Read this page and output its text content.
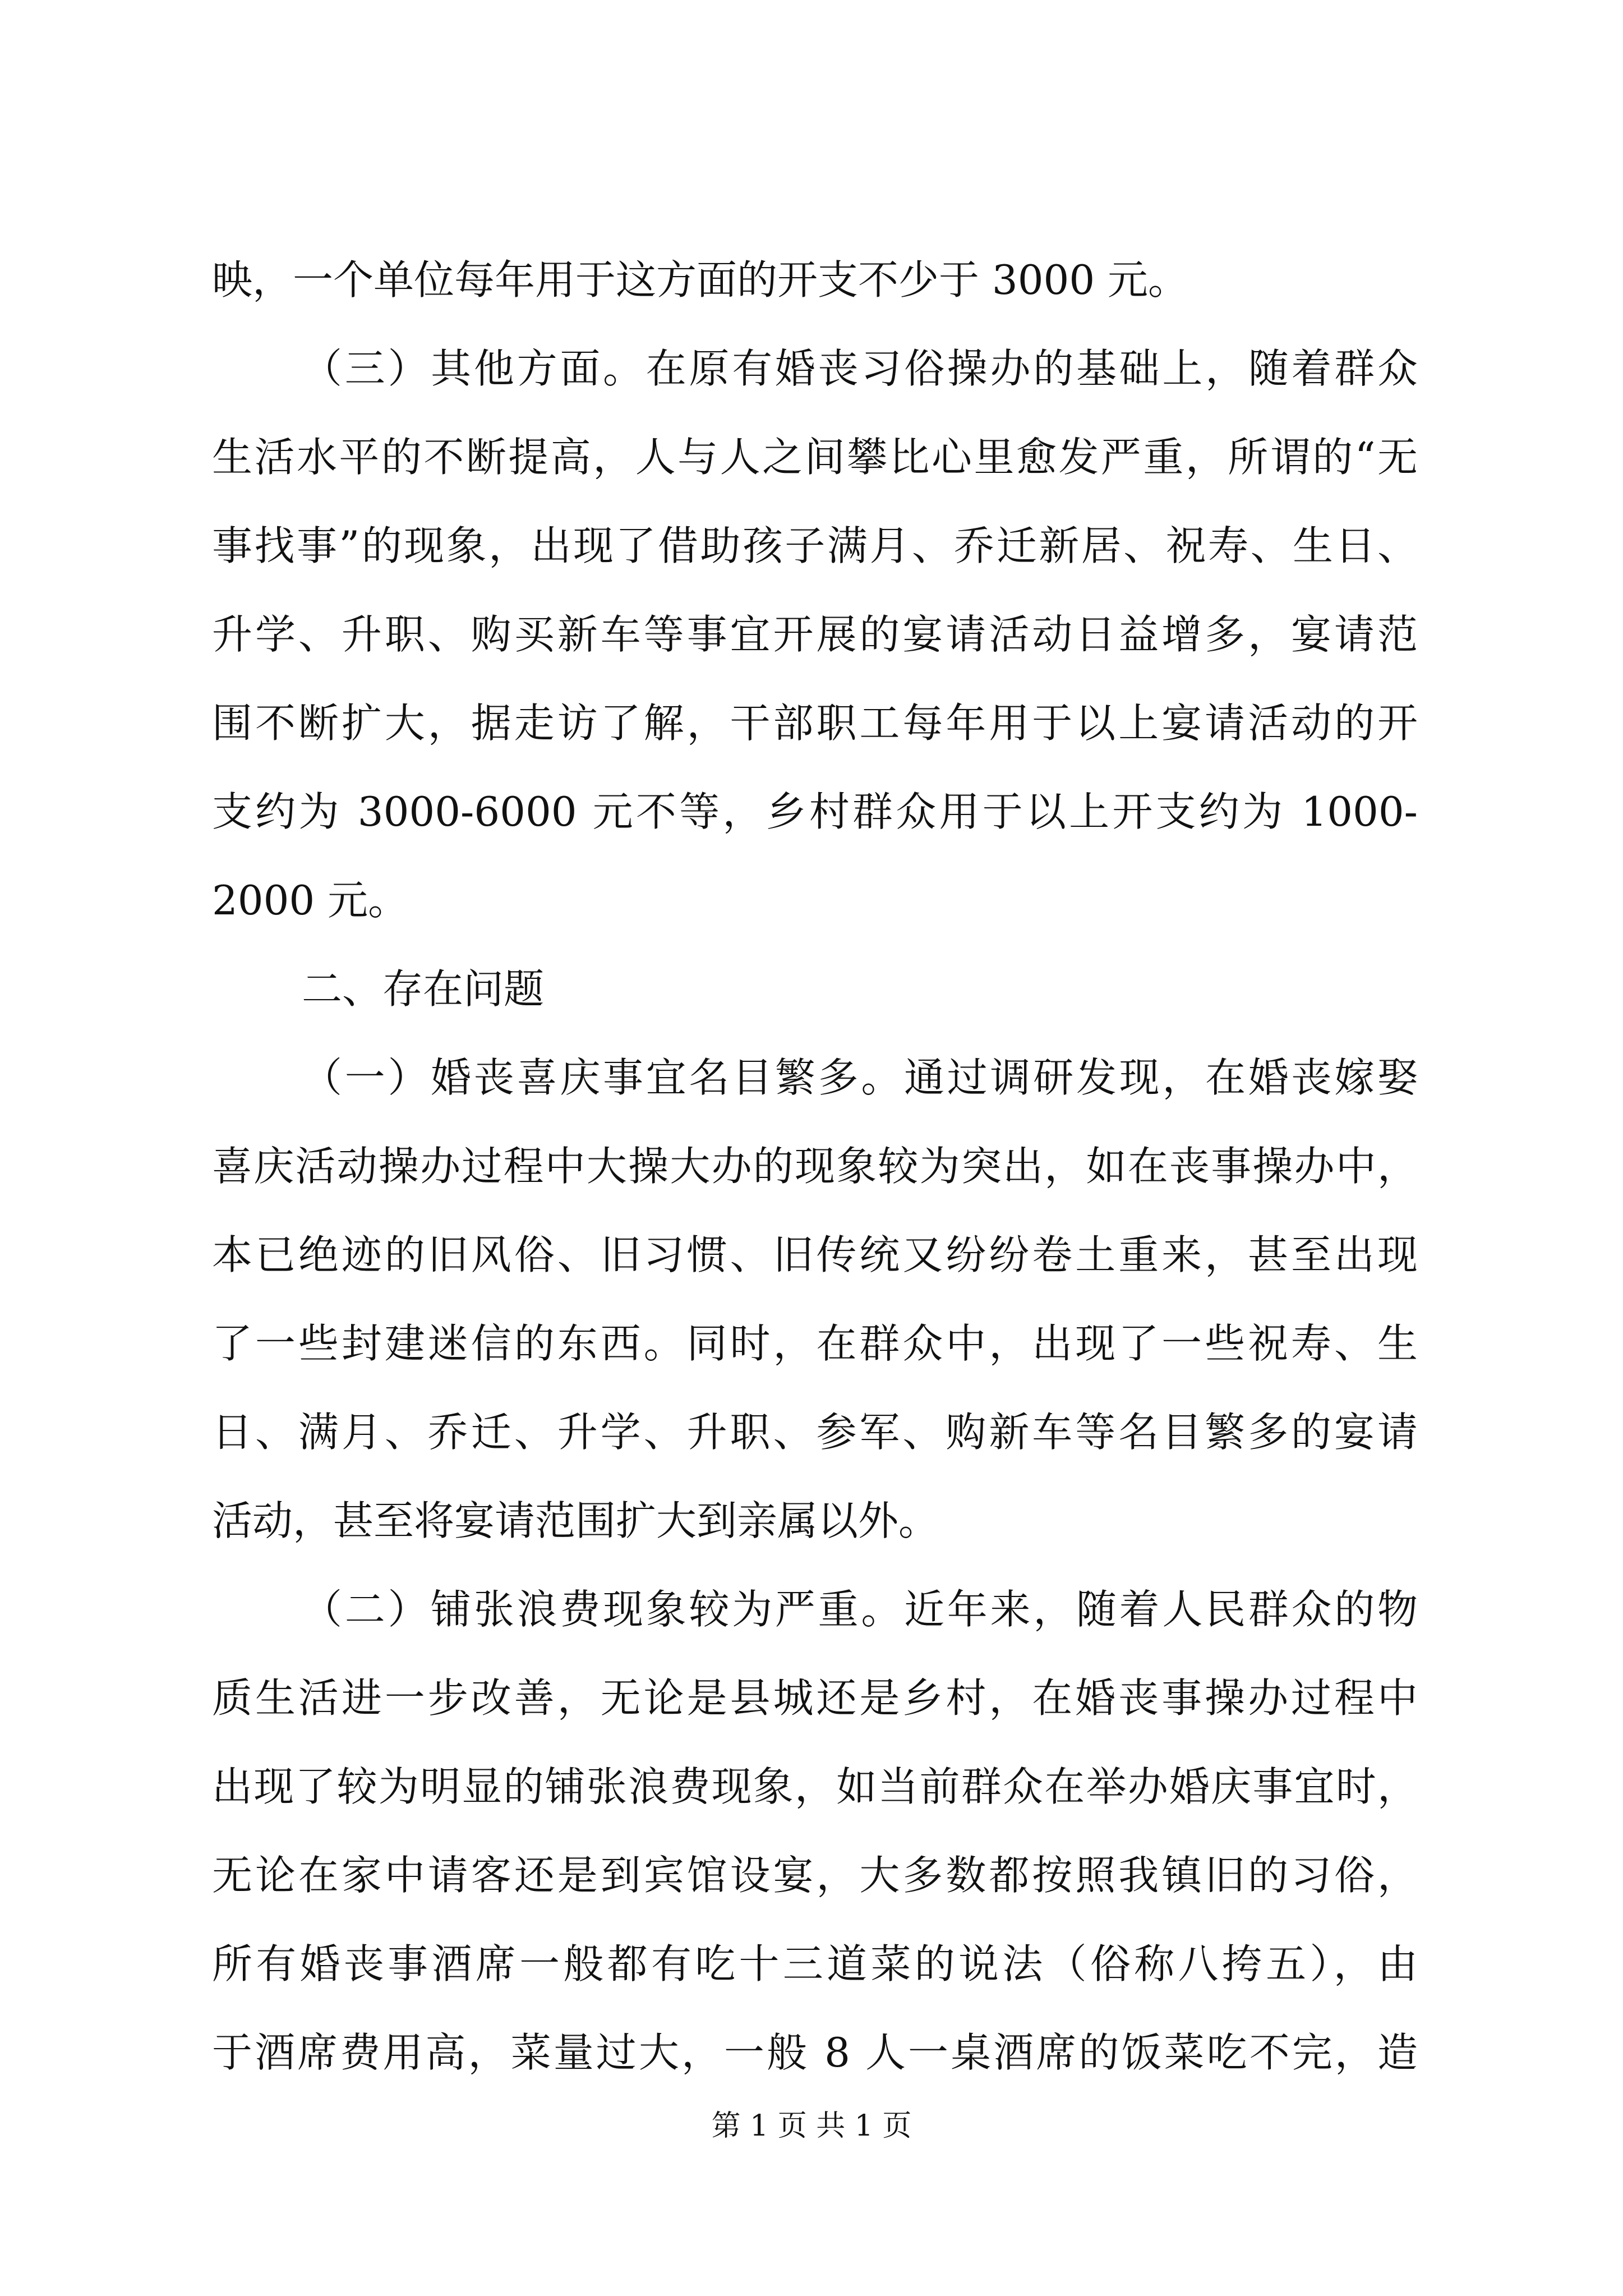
映，一个单位每年用于这方面的开支不少于 3000 元。
（三）其他方面。在原有婚丧习俗操办的基础上，随着群众
生活水平的不断提高，人与人之间攀比心里愈发严重，所谓的“无
事找事”的现象，出现了借助孩子满月、乔迁新居、祝寿、生日、
升学、升职、购买新车等事宜开展的宴请活动日益增多，宴请范
围不断扩大，据走访了解，干部职工每年用于以上宴请活动的开
支约为 3000-6000 元不等，乡村群众用于以上开支约为 1000-
2000 元。
二、存在问题
（一）婚丧喜庆事宜名目繁多。通过调研发现，在婚丧嫁娶
喜庆活动操办过程中大操大办的现象较为突出，如在丧事操办中，
本已绝迹的旧风俗、旧习惯、旧传统又纷纷卷土重来，甚至出现
了一些封建迷信的东西。同时，在群众中，出现了一些祝寿、生
日、满月、乔迁、升学、升职、参军、购新车等名目繁多的宴请
活动，甚至将宴请范围扩大到亲属以外。
（二）铺张浪费现象较为严重。近年来，随着人民群众的物
质生活进一步改善，无论是县城还是乡村，在婚丧事操办过程中
出现了较为明显的铺张浪费现象，如当前群众在举办婚庆事宜时，
无论在家中请客还是到宾馆设宴，大多数都按照我镇旧的习俗，
所有婚丧事酒席一般都有吃十三道菜的说法（俗称八挎五），由
于酒席费用高，菜量过大，一般 8 人一桌酒席的饭菜吃不完，造
第 1 页 共 1 页
